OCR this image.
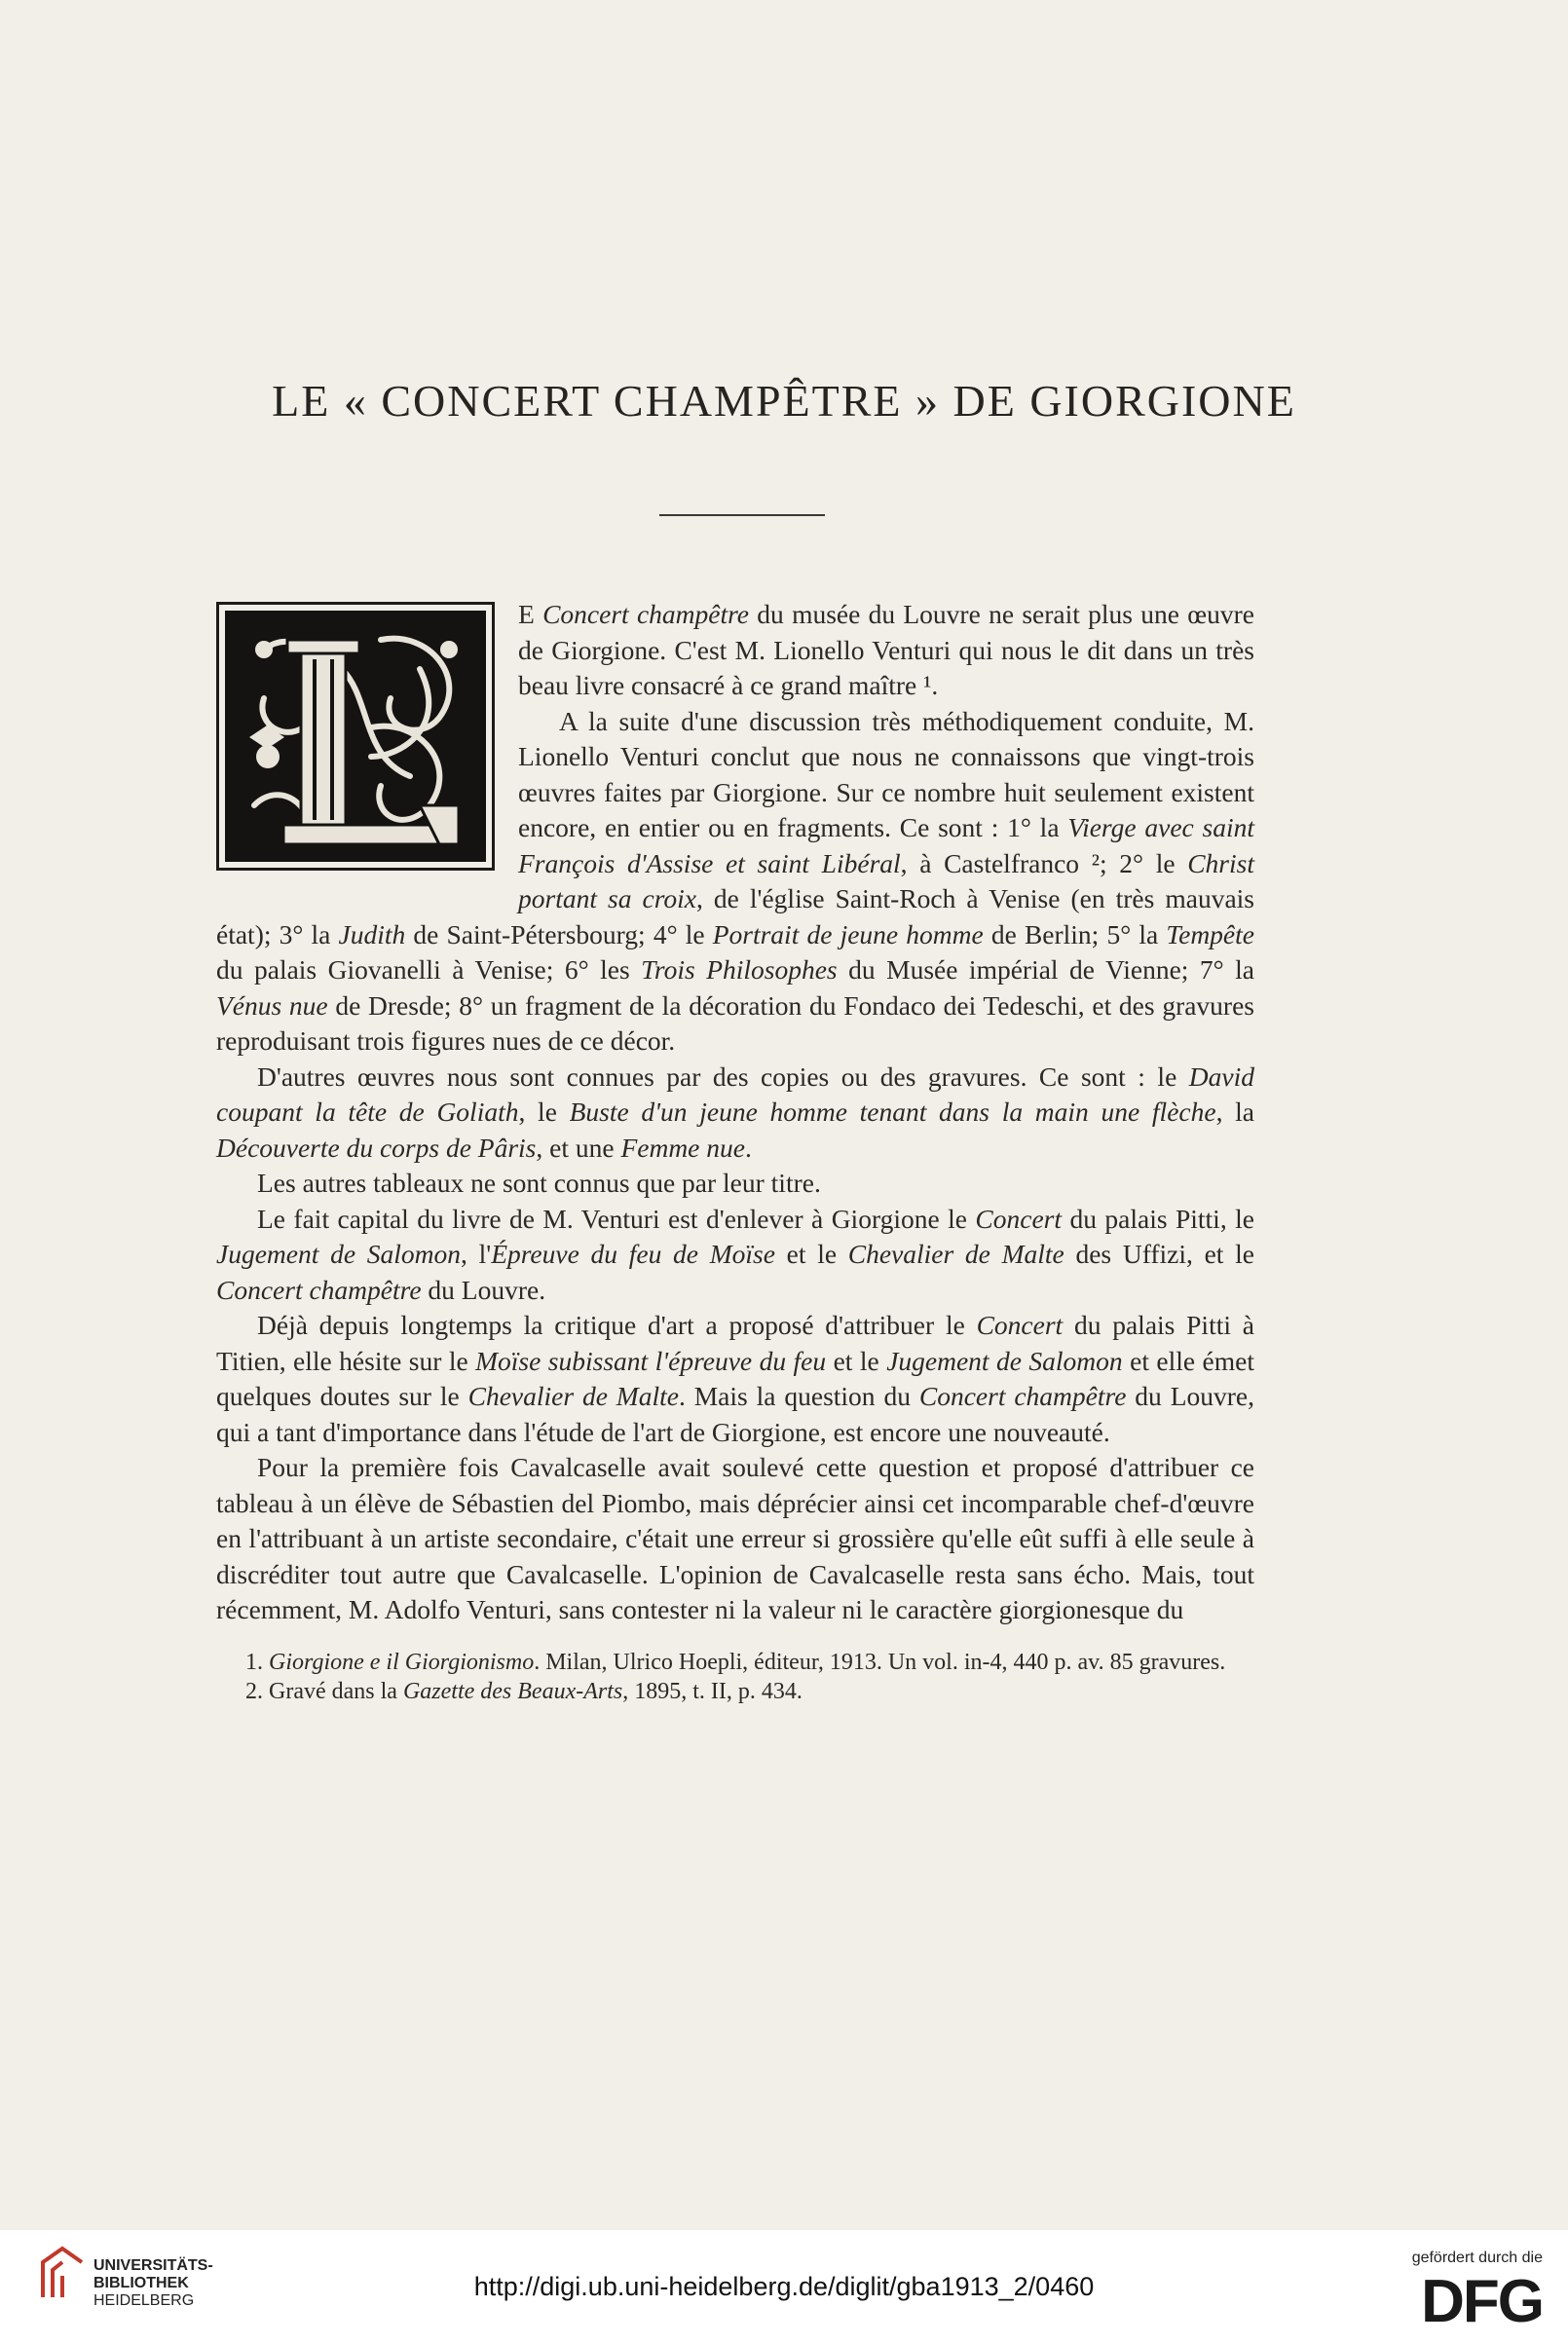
LE « CONCERT CHAMPÊTRE » DE GIORGIONE

E Concert champêtre du musée du Louvre ne serait plus une œuvre de Giorgione. C'est M. Lionello Venturi qui nous le dit dans un très beau livre consacré à ce grand maître ¹.

A la suite d'une discussion très méthodiquement conduite, M. Lionello Venturi conclut que nous ne connaissons que vingt-trois œuvres faites par Giorgione. Sur ce nombre huit seulement existent encore, en entier ou en fragments. Ce sont : 1° la Vierge avec saint François d'Assise et saint Libéral, à Castelfranco ²; 2° le Christ portant sa croix, de l'église Saint-Roch à Venise (en très mauvais état); 3° la Judith de Saint-Pétersbourg; 4° le Portrait de jeune homme de Berlin; 5° la Tempête du palais Giovanelli à Venise; 6° les Trois Philosophes du Musée impérial de Vienne; 7° la Vénus nue de Dresde; 8° un fragment de la décoration du Fondaco dei Tedeschi, et des gravures reproduisant trois figures nues de ce décor.

D'autres œuvres nous sont connues par des copies ou des gravures. Ce sont : le David coupant la tête de Goliath, le Buste d'un jeune homme tenant dans la main une flèche, la Découverte du corps de Pâris, et une Femme nue.

Les autres tableaux ne sont connus que par leur titre.

Le fait capital du livre de M. Venturi est d'enlever à Giorgione le Concert du palais Pitti, le Jugement de Salomon, l'Épreuve du feu de Moïse et le Chevalier de Malte des Uffizi, et le Concert champêtre du Louvre.

Déjà depuis longtemps la critique d'art a proposé d'attribuer le Concert du palais Pitti à Titien, elle hésite sur le Moïse subissant l'épreuve du feu et le Jugement de Salomon et elle émet quelques doutes sur le Chevalier de Malte. Mais la question du Concert champêtre du Louvre, qui a tant d'importance dans l'étude de l'art de Giorgione, est encore une nouveauté.

Pour la première fois Cavalcaselle avait soulevé cette question et proposé d'attribuer ce tableau à un élève de Sébastien del Piombo, mais déprécier ainsi cet incomparable chef-d'œuvre en l'attribuant à un artiste secondaire, c'était une erreur si grossière qu'elle eût suffi à elle seule à discréditer tout autre que Cavalcaselle. L'opinion de Cavalcaselle resta sans écho. Mais, tout récemment, M. Adolfo Venturi, sans contester ni la valeur ni le caractère giorgionesque du

1. Giorgione e il Giorgionismo. Milan, Ulrico Hoepli, éditeur, 1913. Un vol. in-4, 440 p. av. 85 gravures.

2. Gravé dans la Gazette des Beaux-Arts, 1895, t. II, p. 434.

UNIVERSITÄTS-
BIBLIOTHEK
HEIDELBERG	http://digi.ub.uni-heidelberg.de/diglit/gba1913_2/0460
gefördert durch die
DFG
